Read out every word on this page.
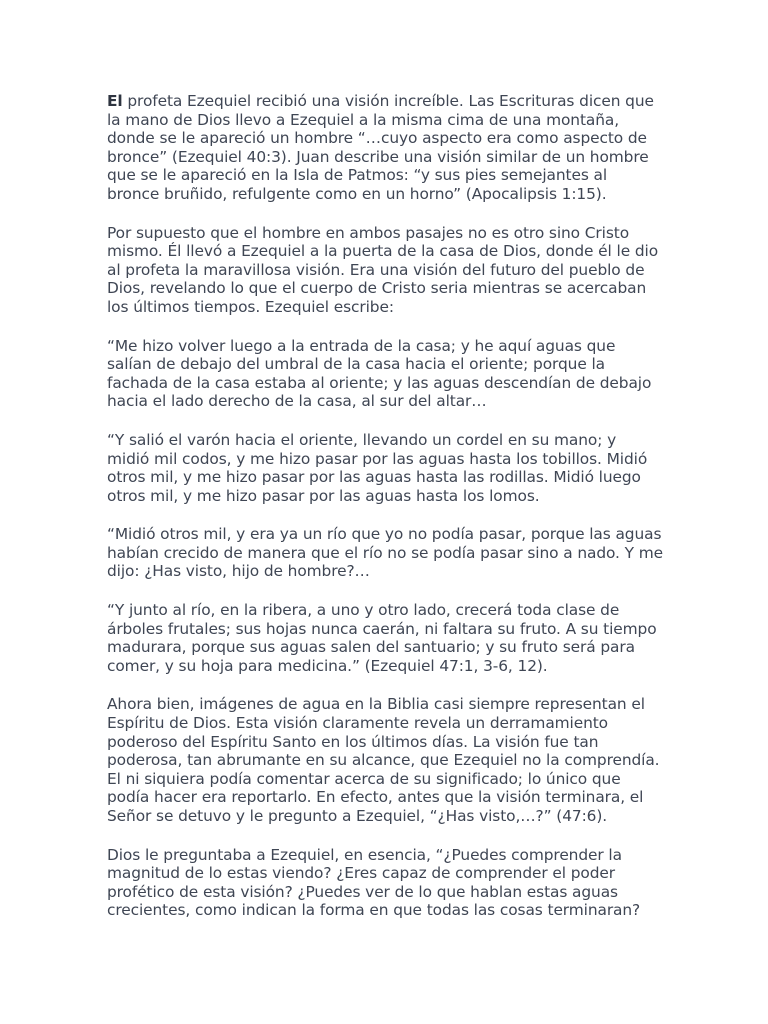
El profeta Ezequiel recibió una visión increíble. Las Escrituras dicen que
la mano de Dios llevo a Ezequiel a la misma cima de una montaña,
donde se le apareció un hombre “…cuyo aspecto era como aspecto de
bronce” (Ezequiel 40:3). Juan describe una visión similar de un hombre
que se le apareció en la Isla de Patmos: “y sus pies semejantes al
bronce bruñido, refulgente como en un horno” (Apocalipsis 1:15).

Por supuesto que el hombre en ambos pasajes no es otro sino Cristo
mismo. Él llevó a Ezequiel a la puerta de la casa de Dios, donde él le dio
al profeta la maravillosa visión. Era una visión del futuro del pueblo de
Dios, revelando lo que el cuerpo de Cristo seria mientras se acercaban
los últimos tiempos. Ezequiel escribe:

“Me hizo volver luego a la entrada de la casa; y he aquí aguas que
salían de debajo del umbral de la casa hacia el oriente; porque la
fachada de la casa estaba al oriente; y las aguas descendían de debajo
hacia el lado derecho de la casa, al sur del altar…

“Y salió el varón hacia el oriente, llevando un cordel en su mano; y
midió mil codos, y me hizo pasar por las aguas hasta los tobillos. Midió
otros mil, y me hizo pasar por las aguas hasta las rodillas. Midió luego
otros mil, y me hizo pasar por las aguas hasta los lomos.

“Midió otros mil, y era ya un río que yo no podía pasar, porque las aguas
habían crecido de manera que el río no se podía pasar sino a nado. Y me
dijo: ¿Has visto, hijo de hombre?…

“Y junto al río, en la ribera, a uno y otro lado, crecerá toda clase de
árboles frutales; sus hojas nunca caerán, ni faltara su fruto. A su tiempo
madurara, porque sus aguas salen del santuario; y su fruto será para
comer, y su hoja para medicina.” (Ezequiel 47:1, 3-6, 12).

Ahora bien, imágenes de agua en la Biblia casi siempre representan el
Espíritu de Dios. Esta visión claramente revela un derramamiento
poderoso del Espíritu Santo en los últimos días. La visión fue tan
poderosa, tan abrumante en su alcance, que Ezequiel no la comprendía.
El ni siquiera podía comentar acerca de su significado; lo único que
podía hacer era reportarlo. En efecto, antes que la visión terminara, el
Señor se detuvo y le pregunto a Ezequiel, “¿Has visto,…?” (47:6).

Dios le preguntaba a Ezequiel, en esencia, “¿Puedes comprender la
magnitud de lo estas viendo? ¿Eres capaz de comprender el poder
profético de esta visión? ¿Puedes ver de lo que hablan estas aguas
crecientes, como indican la forma en que todas las cosas terminaran?
